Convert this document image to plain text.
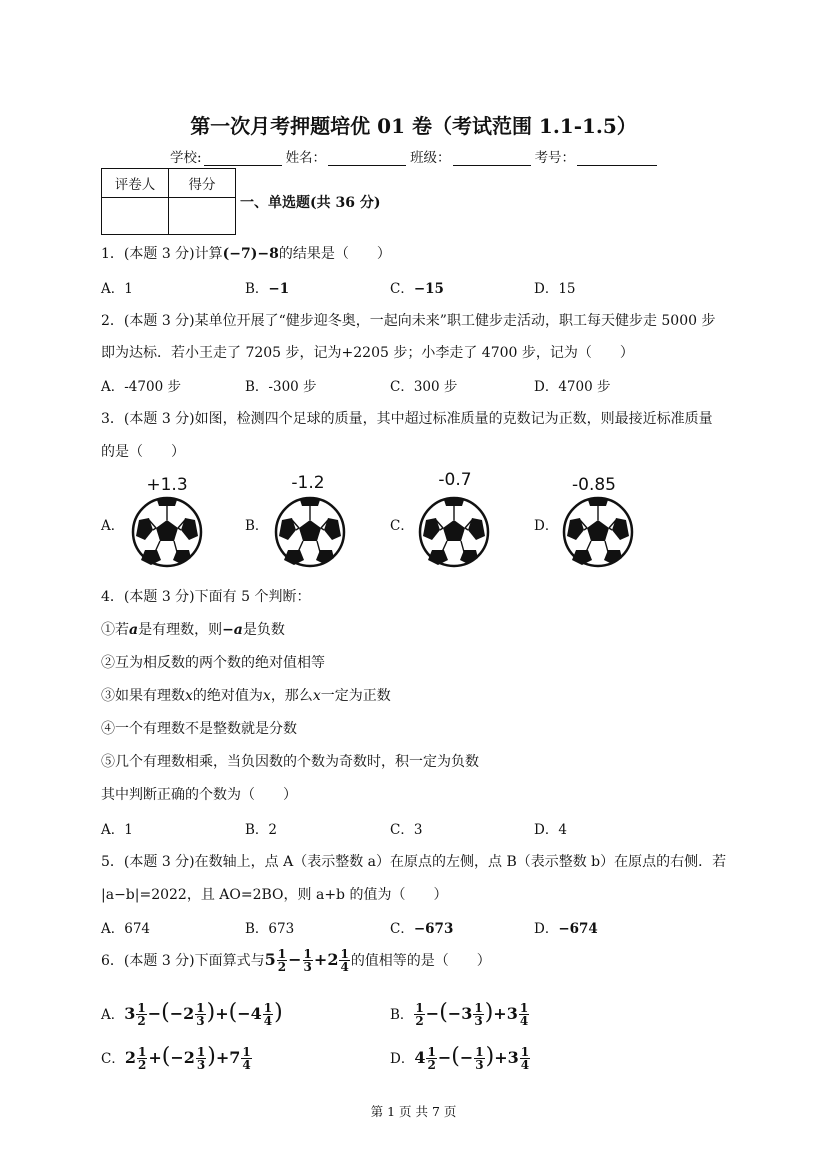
第一次月考押题培优 01 卷（考试范围 1.1-1.5）
学校:	姓名：	班级：	考号：
评卷人	得分

一、单选题(共 36 分)
1．(本题 3 分)计算(−7)−8的结果是（　　）
A．1	B．−1	C．−15	D．15
2．(本题 3 分)某单位开展了“健步迎冬奥，一起向未来”职工健步走活动，职工每天健步走 5000 步
即为达标．若小王走了 7205 步，记为+2205 步；小李走了 4700 步，记为（　　）
A．-4700 步	B．-300 步	C．300 步	D．4700 步
3．(本题 3 分)如图，检测四个足球的质量，其中超过标准质量的克数记为正数，则最接近标准质量
的是（　　）
A．	B．	C．	D．
+1.3	-1.2	-0.7	-0.85
4．(本题 3 分)下面有 5 个判断：
①若a是有理数，则−a是负数
②互为相反数的两个数的绝对值相等
③如果有理数x的绝对值为x，那么x一定为正数
④一个有理数不是整数就是分数
⑤几个有理数相乘，当负因数的个数为奇数时，积一定为负数
其中判断正确的个数为（　　）
A．1	B．2	C．3	D．4
5．(本题 3 分)在数轴上，点 A（表示整数 a）在原点的左侧，点 B（表示整数 b）在原点的右侧．若
|a−b|=2022，且 AO=2BO，则 a+b 的值为（　　）
A．674	B．673	C．−673	D．−674
6．(本题 3 分)下面算式与$5 \frac{1}{2} - \frac{1}{3} +2 \frac{1}{4}$ 的值相等的是（　　）
A．$3 \frac{1}{2} -(-2 \frac{1}{3} )+(-4 \frac{1}{4}$ )	B． $\frac{1}{2} -(-3 \frac{1}{3} )+3 \frac{1}{4}$
C．$2 \frac{1}{2} +(-2 \frac{1}{3} )+7 \frac{1}{4}$	D．$4 \frac{1}{2}$ −(− $\frac{1}{3} )+3 \frac{1}{4}$
第 1 页 共 7 页
